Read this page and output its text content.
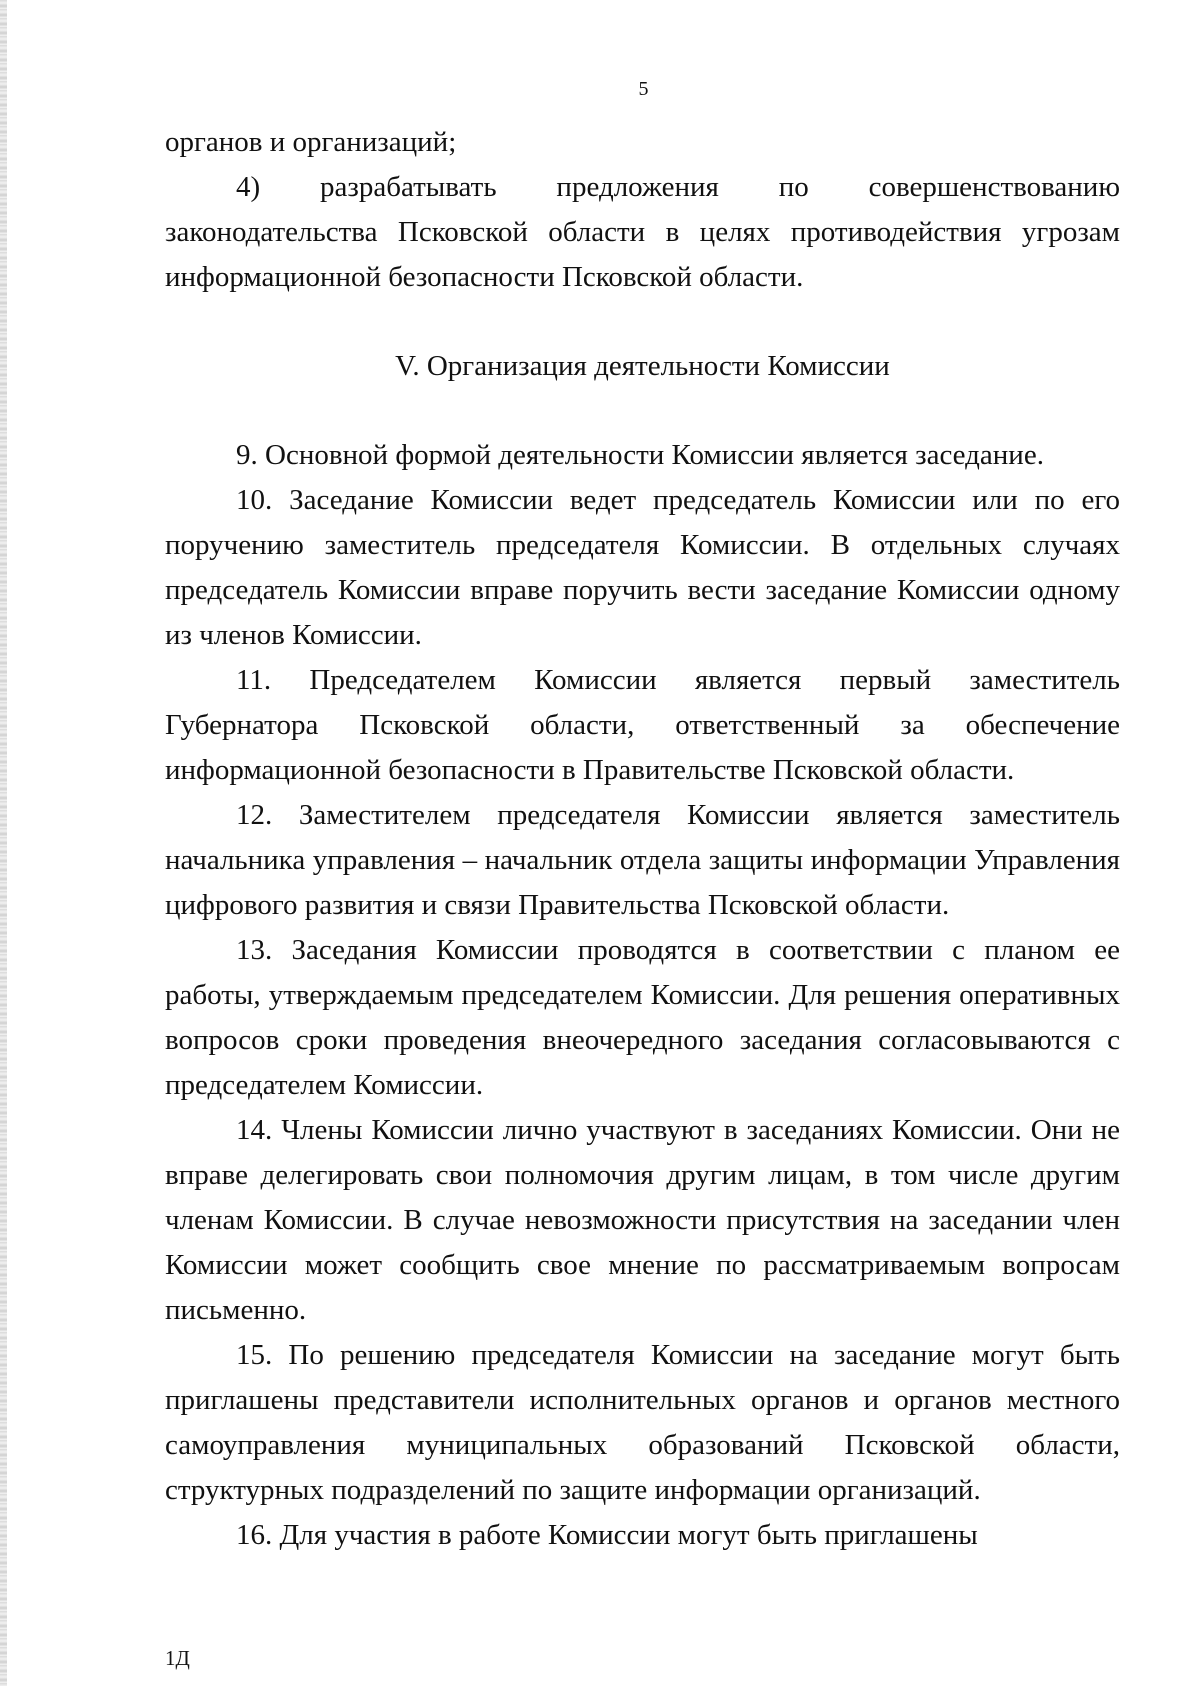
5

органов и организаций;

4) разрабатывать предложения по совершенствованию законодательства Псковской области в целях противодействия угрозам информационной безопасности Псковской области.

V. Организация деятельности Комиссии

9. Основной формой деятельности Комиссии является заседание.

10. Заседание Комиссии ведет председатель Комиссии или по его поручению заместитель председателя Комиссии. В отдельных случаях председатель Комиссии вправе поручить вести заседание Комиссии одному из членов Комиссии.

11. Председателем Комиссии является первый заместитель Губернатора Псковской области, ответственный за обеспечение информационной безопасности в Правительстве Псковской области.

12. Заместителем председателя Комиссии является заместитель начальника управления – начальник отдела защиты информации Управления цифрового развития и связи Правительства Псковской области.

13. Заседания Комиссии проводятся в соответствии с планом ее работы, утверждаемым председателем Комиссии. Для решения оперативных вопросов сроки проведения внеочередного заседания согласовываются с председателем Комиссии.

14. Члены Комиссии лично участвуют в заседаниях Комиссии. Они не вправе делегировать свои полномочия другим лицам, в том числе другим членам Комиссии. В случае невозможности присутствия на заседании член Комиссии может сообщить свое мнение по рассматриваемым вопросам письменно.

15. По решению председателя Комиссии на заседание могут быть приглашены представители исполнительных органов и органов местного самоуправления муниципальных образований Псковской области, структурных подразделений по защите информации организаций.

16. Для участия в работе Комиссии могут быть приглашены

1Д
